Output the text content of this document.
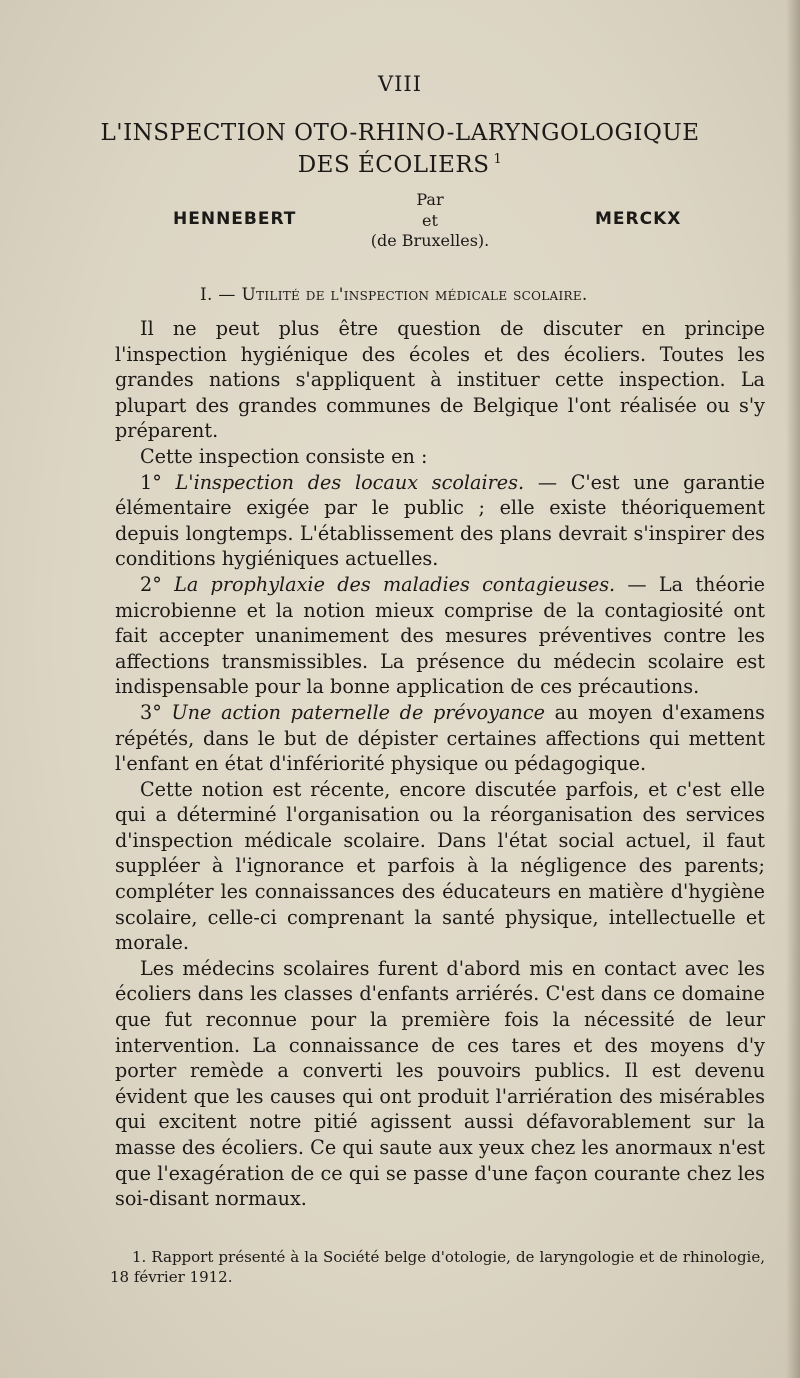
VIII
L'INSPECTION OTO-RHINO-LARYNGOLOGIQUE
DES ÉCOLIERS $^1$
Par
HENNEBERT	et	MERCKX
(de Bruxelles).
I. — Utilité de l'inspection médicale scolaire.

Il ne peut plus être question de discuter en principe l'inspection hygiénique des écoles et des écoliers. Toutes les grandes nations s'appliquent à instituer cette inspection. La plupart des grandes communes de Belgique l'ont réalisée ou s'y préparent.

Cette inspection consiste en :

1° L'inspection des locaux scolaires. — C'est une garantie élémentaire exigée par le public ; elle existe théoriquement depuis longtemps. L'établissement des plans devrait s'inspirer des conditions hygiéniques actuelles.

2° La prophylaxie des maladies contagieuses. — La théorie microbienne et la notion mieux comprise de la contagiosité ont fait accepter unanimement des mesures préventives contre les affections transmissibles. La présence du médecin scolaire est indispensable pour la bonne application de ces précautions.

3° Une action paternelle de prévoyance au moyen d'examens répétés, dans le but de dépister certaines affections qui mettent l'enfant en état d'infériorité physique ou pédagogique.

Cette notion est récente, encore discutée parfois, et c'est elle qui a déterminé l'organisation ou la réorganisation des services d'inspection médicale scolaire. Dans l'état social actuel, il faut suppléer à l'ignorance et parfois à la négligence des parents; compléter les connaissances des éducateurs en matière d'hygiène scolaire, celle-ci comprenant la santé physique, intellectuelle et morale.

Les médecins scolaires furent d'abord mis en contact avec les écoliers dans les classes d'enfants arriérés. C'est dans ce domaine que fut reconnue pour la première fois la nécessité de leur intervention. La connaissance de ces tares et des moyens d'y porter remède a converti les pouvoirs publics. Il est devenu évident que les causes qui ont produit l'arriération des misérables qui excitent notre pitié agissent aussi défavorablement sur la masse des écoliers. Ce qui saute aux yeux chez les anormaux n'est que l'exagération de ce qui se passe d'une façon courante chez les soi-disant normaux.

1. Rapport présenté à la Société belge d'otologie, de laryngologie et de rhinologie, 18 février 1912.
